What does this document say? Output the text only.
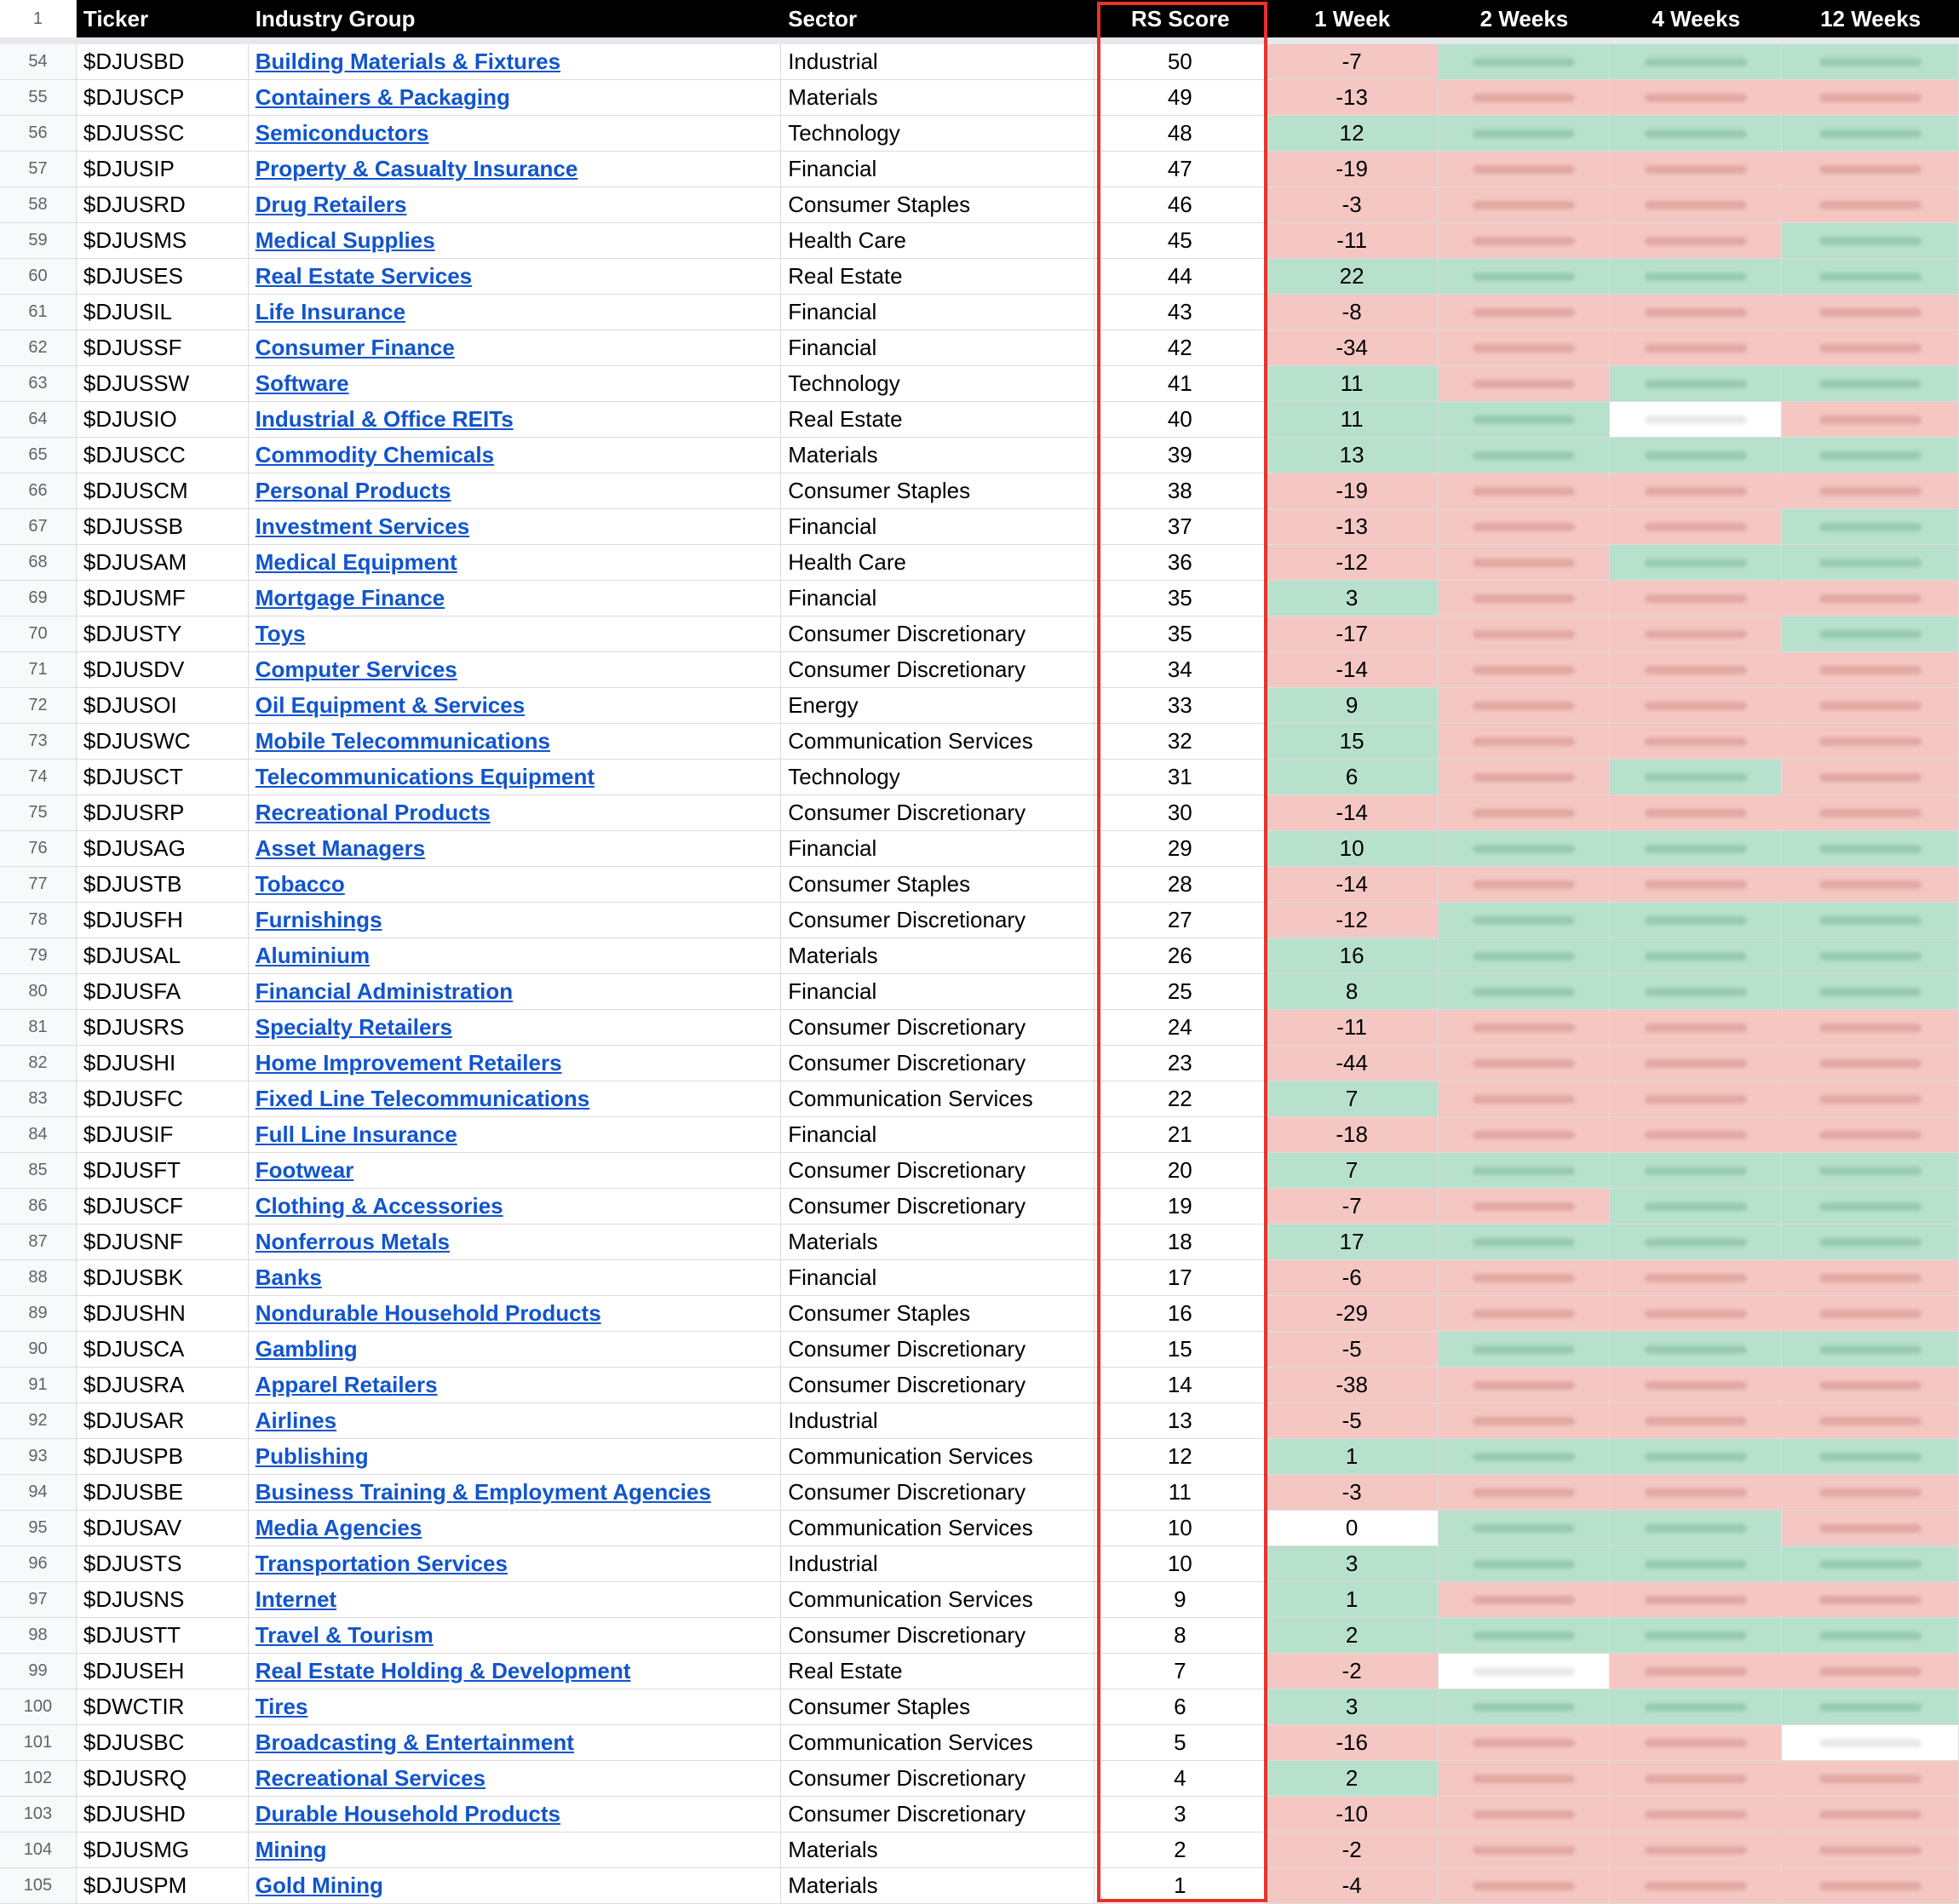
1	Ticker	Industry Group	Sector	RS Score	1 Week	2 Weeks	4 Weeks	12 Weeks
54	$DJUSBD	Building Materials & Fixtures	Industrial	50	-7
55	$DJUSCP	Containers & Packaging	Materials	49	-13
56	$DJUSSC	Semiconductors	Technology	48	12
57	$DJUSIP	Property & Casualty Insurance	Financial	47	-19
58	$DJUSRD	Drug Retailers	Consumer Staples	46	-3
59	$DJUSMS	Medical Supplies	Health Care	45	-11
60	$DJUSES	Real Estate Services	Real Estate	44	22
61	$DJUSIL	Life Insurance	Financial	43	-8
62	$DJUSSF	Consumer Finance	Financial	42	-34
63	$DJUSSW	Software	Technology	41	11
64	$DJUSIO	Industrial & Office REITs	Real Estate	40	11
65	$DJUSCC	Commodity Chemicals	Materials	39	13
66	$DJUSCM	Personal Products	Consumer Staples	38	-19
67	$DJUSSB	Investment Services	Financial	37	-13
68	$DJUSAM	Medical Equipment	Health Care	36	-12
69	$DJUSMF	Mortgage Finance	Financial	35	3
70	$DJUSTY	Toys	Consumer Discretionary	35	-17
71	$DJUSDV	Computer Services	Consumer Discretionary	34	-14
72	$DJUSOI	Oil Equipment & Services	Energy	33	9
73	$DJUSWC	Mobile Telecommunications	Communication Services	32	15
74	$DJUSCT	Telecommunications Equipment	Technology	31	6
75	$DJUSRP	Recreational Products	Consumer Discretionary	30	-14
76	$DJUSAG	Asset Managers	Financial	29	10
77	$DJUSTB	Tobacco	Consumer Staples	28	-14
78	$DJUSFH	Furnishings	Consumer Discretionary	27	-12
79	$DJUSAL	Aluminium	Materials	26	16
80	$DJUSFA	Financial Administration	Financial	25	8
81	$DJUSRS	Specialty Retailers	Consumer Discretionary	24	-11
82	$DJUSHI	Home Improvement Retailers	Consumer Discretionary	23	-44
83	$DJUSFC	Fixed Line Telecommunications	Communication Services	22	7
84	$DJUSIF	Full Line Insurance	Financial	21	-18
85	$DJUSFT	Footwear	Consumer Discretionary	20	7
86	$DJUSCF	Clothing & Accessories	Consumer Discretionary	19	-7
87	$DJUSNF	Nonferrous Metals	Materials	18	17
88	$DJUSBK	Banks	Financial	17	-6
89	$DJUSHN	Nondurable Household Products	Consumer Staples	16	-29
90	$DJUSCA	Gambling	Consumer Discretionary	15	-5
91	$DJUSRA	Apparel Retailers	Consumer Discretionary	14	-38
92	$DJUSAR	Airlines	Industrial	13	-5
93	$DJUSPB	Publishing	Communication Services	12	1
94	$DJUSBE	Business Training & Employment Agencies	Consumer Discretionary	11	-3
95	$DJUSAV	Media Agencies	Communication Services	10	0
96	$DJUSTS	Transportation Services	Industrial	10	3
97	$DJUSNS	Internet	Communication Services	9	1
98	$DJUSTT	Travel & Tourism	Consumer Discretionary	8	2
99	$DJUSEH	Real Estate Holding & Development	Real Estate	7	-2
100	$DWCTIR	Tires	Consumer Staples	6	3
101	$DJUSBC	Broadcasting & Entertainment	Communication Services	5	-16
102	$DJUSRQ	Recreational Services	Consumer Discretionary	4	2
103	$DJUSHD	Durable Household Products	Consumer Discretionary	3	-10
104	$DJUSMG	Mining	Materials	2	-2
105	$DJUSPM	Gold Mining	Materials	1	-4
